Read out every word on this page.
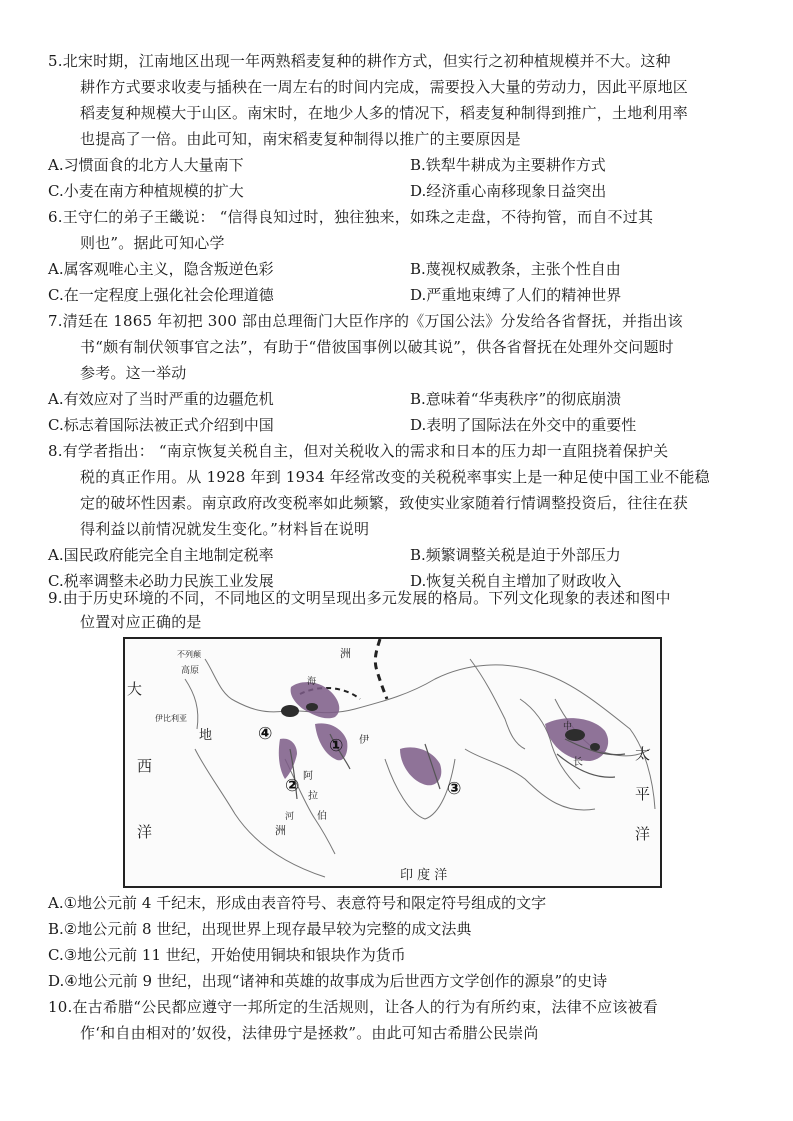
5.北宋时期，江南地区出现一年两熟稻麦复种的耕作方式，但实行之初种植规模并不大。这种
耕作方式要求收麦与插秧在一周左右的时间内完成，需要投入大量的劳动力，因此平原地区
稻麦复种规模大于山区。南宋时，在地少人多的情况下，稻麦复种制得到推广，土地利用率
也提高了一倍。由此可知，南宋稻麦复种制得以推广的主要原因是
A.习惯面食的北方人大量南下	B.铁犁牛耕成为主要耕作方式
C.小麦在南方种植规模的扩大	D.经济重心南移现象日益突出
6.王守仁的弟子王畿说： “信得良知过时，独往独来，如珠之走盘，不待拘管，而自不过其
则也”。据此可知心学
A.属客观唯心主义，隐含叛逆色彩	B.蔑视权威教条，主张个性自由
C.在一定程度上强化社会伦理道德	D.严重地束缚了人们的精神世界
7.清廷在 1865 年初把 300 部由总理衙门大臣作序的《万国公法》分发给各省督抚，并指出该
书“颇有制伏领事官之法”，有助于“借彼国事例以破其说”，供各省督抚在处理外交问题时
参考。这一举动
A.有效应对了当时严重的边疆危机	B.意味着“华夷秩序”的彻底崩溃
C.标志着国际法被正式介绍到中国	D.表明了国际法在外交中的重要性
8.有学者指出： “南京恢复关税自主，但对关税收入的需求和日本的压力却一直阻挠着保护关
税的真正作用。从 1928 年到 1934 年经常改变的关税税率事实上是一种足使中国工业不能稳
定的破坏性因素。南京政府改变税率如此频繁，致使实业家随着行情调整投资后，往往在获
得利益以前情况就发生变化。”材料旨在说明
A.国民政府能完全自主地制定税率	B.频繁调整关税是迫于外部压力
C.税率调整未必助力民族工业发展	D.恢复关税自主增加了财政收入
9.由于历史环境的不同，不同地区的文明呈现出多元发展的格局。下列文化现象的表述和图中
位置对应正确的是
不列颠
高原
大
西
洋
伊比利亚
地
洲
洲
海
阿
拉
伯
伊
河
太
平
洋
长
中
印 度 洋
①
②	③
④
A.①地公元前 4 千纪末，形成由表音符号、表意符号和限定符号组成的文字
B.②地公元前 8 世纪，出现世界上现存最早较为完整的成文法典
C.③地公元前 11 世纪，开始使用铜块和银块作为货币
D.④地公元前 9 世纪，出现“诸神和英雄的故事成为后世西方文学创作的源泉”的史诗
10.在古希腊“公民都应遵守一邦所定的生活规则，让各人的行为有所约束，法律不应该被看
作‘和自由相对的’奴役，法律毋宁是拯救”。由此可知古希腊公民崇尚
